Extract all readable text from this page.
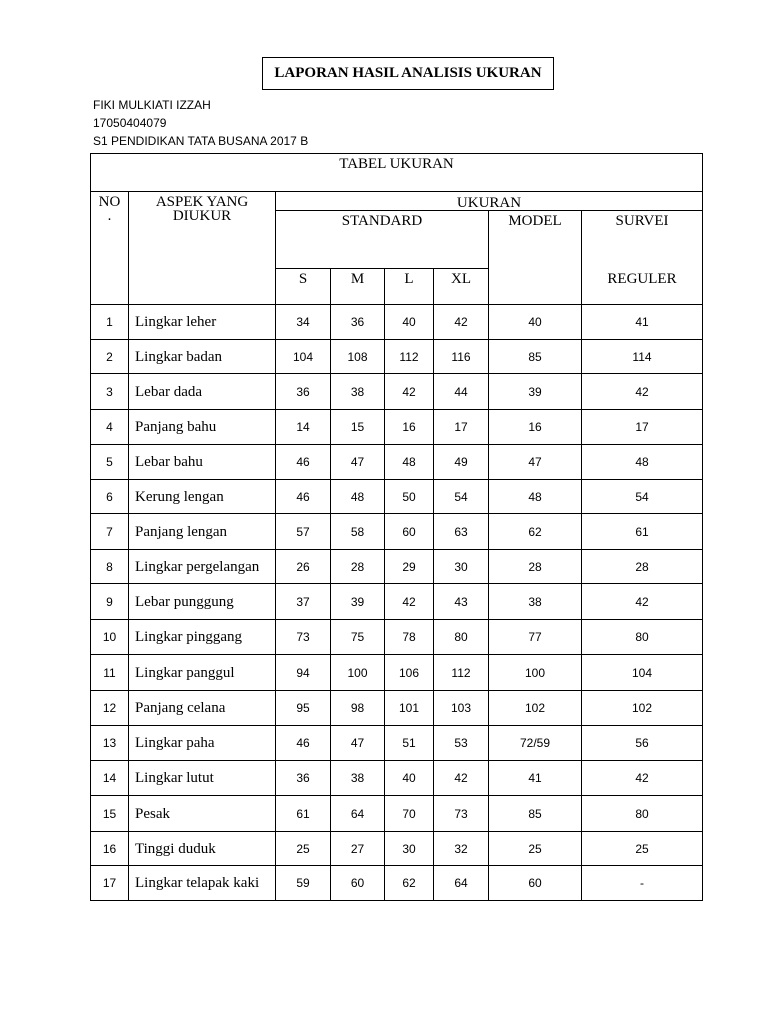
LAPORAN HASIL ANALISIS UKURAN
FIKI MULKIATI IZZAH
17050404079
S1 PENDIDIKAN TATA BUSANA 2017 B
TABEL UKURAN							
NO
.	ASPEK YANG
DIUKUR	UKURAN					
		STANDARD				MODEL	SURVEI
		S	M	L	XL		REGULER
1	Lingkar leher	34	36	40	42	40	41
2	Lingkar badan	104	108	112	116	85	114
3	Lebar dada	36	38	42	44	39	42
4	Panjang bahu	14	15	16	17	16	17
5	Lebar bahu	46	47	48	49	47	48
6	Kerung lengan	46	48	50	54	48	54
7	Panjang lengan	57	58	60	63	62	61
8	Lingkar pergelangan	26	28	29	30	28	28
9	Lebar punggung	37	39	42	43	38	42
10	Lingkar pinggang	73	75	78	80	77	80
11	Lingkar panggul	94	100	106	112	100	104
12	Panjang celana	95	98	101	103	102	102
13	Lingkar paha	46	47	51	53	72/59	56
14	Lingkar lutut	36	38	40	42	41	42
15	Pesak	61	64	70	73	85	80
16	Tinggi duduk	25	27	30	32	25	25
17	Lingkar telapak kaki	59	60	62	64	60	-
